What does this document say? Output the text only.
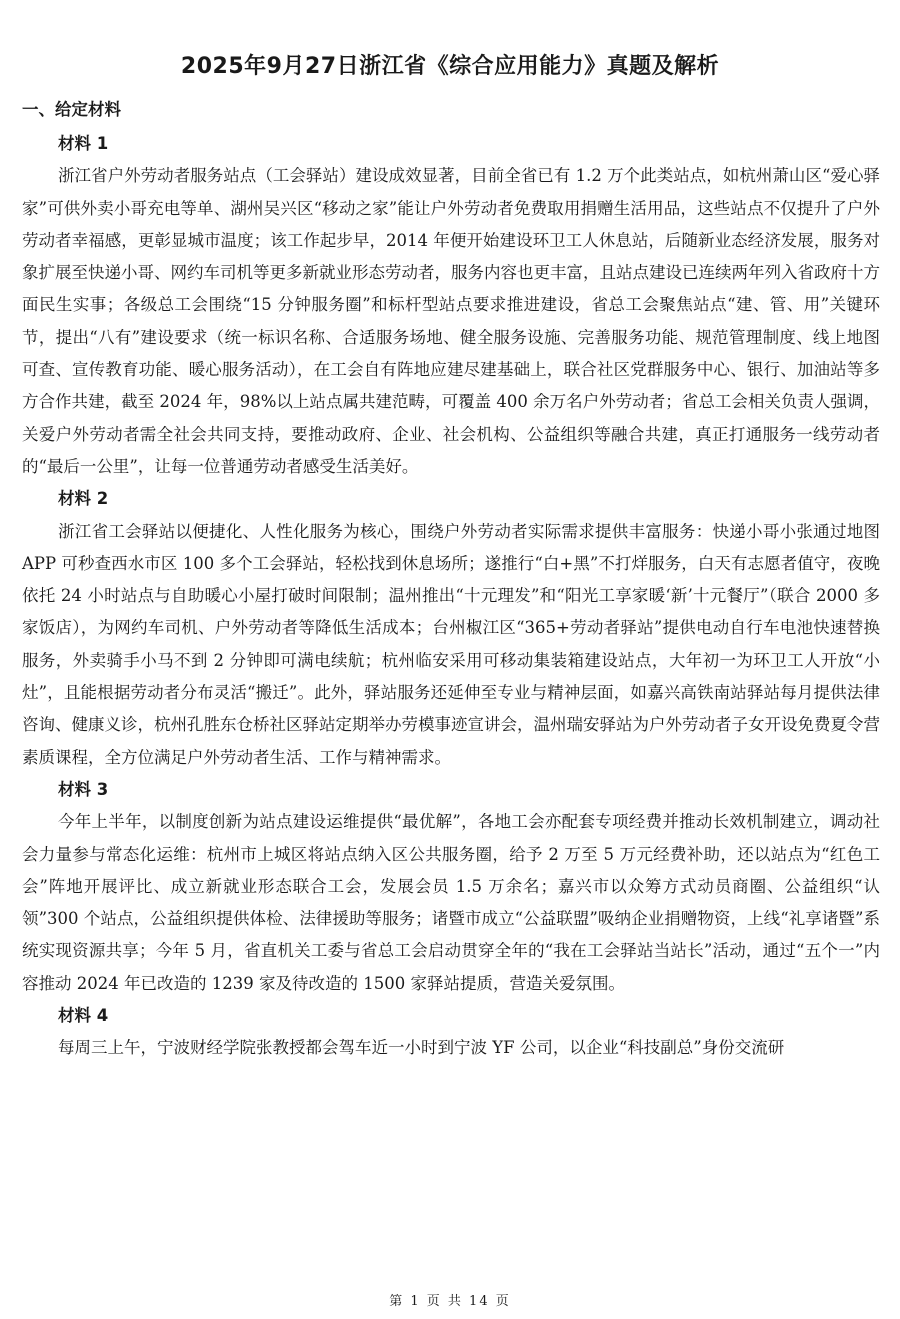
2025年9月27日浙江省《综合应用能力》真题及解析
一、给定材料
材料 1

浙江省户外劳动者服务站点（工会驿站）建设成效显著，目前全省已有 1.2 万个此类站点，如杭州萧山区“爱心驿家”可供外卖小哥充电等单、湖州吴兴区“移动之家”能让户外劳动者免费取用捐赠生活用品，这些站点不仅提升了户外劳动者幸福感，更彰显城市温度；该工作起步早，2014 年便开始建设环卫工人休息站，后随新业态经济发展，服务对象扩展至快递小哥、网约车司机等更多新就业形态劳动者，服务内容也更丰富，且站点建设已连续两年列入省政府十方面民生实事；各级总工会围绕“15 分钟服务圈”和标杆型站点要求推进建设，省总工会聚焦站点“建、管、用”关键环节，提出“八有”建设要求（统一标识名称、合适服务场地、健全服务设施、完善服务功能、规范管理制度、线上地图可查、宣传教育功能、暖心服务活动），在工会自有阵地应建尽建基础上，联合社区党群服务中心、银行、加油站等多方合作共建，截至 2024 年，98%以上站点属共建范畴，可覆盖 400 余万名户外劳动者；省总工会相关负责人强调，关爱户外劳动者需全社会共同支持，要推动政府、企业、社会机构、公益组织等融合共建，真正打通服务一线劳动者的“最后一公里”，让每一位普通劳动者感受生活美好。

材料 2

浙江省工会驿站以便捷化、人性化服务为核心，围绕户外劳动者实际需求提供丰富服务：快递小哥小张通过地图 APP 可秒查西水市区 100 多个工会驿站，轻松找到休息场所；遂推行“白+黑”不打烊服务，白天有志愿者值守，夜晚依托 24 小时站点与自助暖心小屋打破时间限制；温州推出“十元理发”和“阳光工享家暖‘新’十元餐厅”（联合 2000 多家饭店），为网约车司机、户外劳动者等降低生活成本；台州椒江区“365+劳动者驿站”提供电动自行车电池快速替换服务，外卖骑手小马不到 2 分钟即可满电续航；杭州临安采用可移动集装箱建设站点，大年初一为环卫工人开放“小灶”，且能根据劳动者分布灵活“搬迁”。此外，驿站服务还延伸至专业与精神层面，如嘉兴高铁南站驿站每月提供法律咨询、健康义诊，杭州孔胜东仓桥社区驿站定期举办劳模事迹宣讲会，温州瑞安驿站为户外劳动者子女开设免费夏令营素质课程，全方位满足户外劳动者生活、工作与精神需求。

材料 3

今年上半年，以制度创新为站点建设运维提供“最优解”，各地工会亦配套专项经费并推动长效机制建立，调动社会力量参与常态化运维：杭州市上城区将站点纳入区公共服务圈，给予 2 万至 5 万元经费补助，还以站点为“红色工会”阵地开展评比、成立新就业形态联合工会，发展会员 1.5 万余名；嘉兴市以众筹方式动员商圈、公益组织“认领”300 个站点，公益组织提供体检、法律援助等服务；诸暨市成立“公益联盟”吸纳企业捐赠物资，上线“礼享诸暨”系统实现资源共享；今年 5 月，省直机关工委与省总工会启动贯穿全年的“我在工会驿站当站长”活动，通过“五个一”内容推动 2024 年已改造的 1239 家及待改造的 1500 家驿站提质，营造关爱氛围。

材料 4

每周三上午，宁波财经学院张教授都会驾车近一小时到宁波 YF 公司，以企业“科技副总”身份交流研

第 1 页 共 14 页
